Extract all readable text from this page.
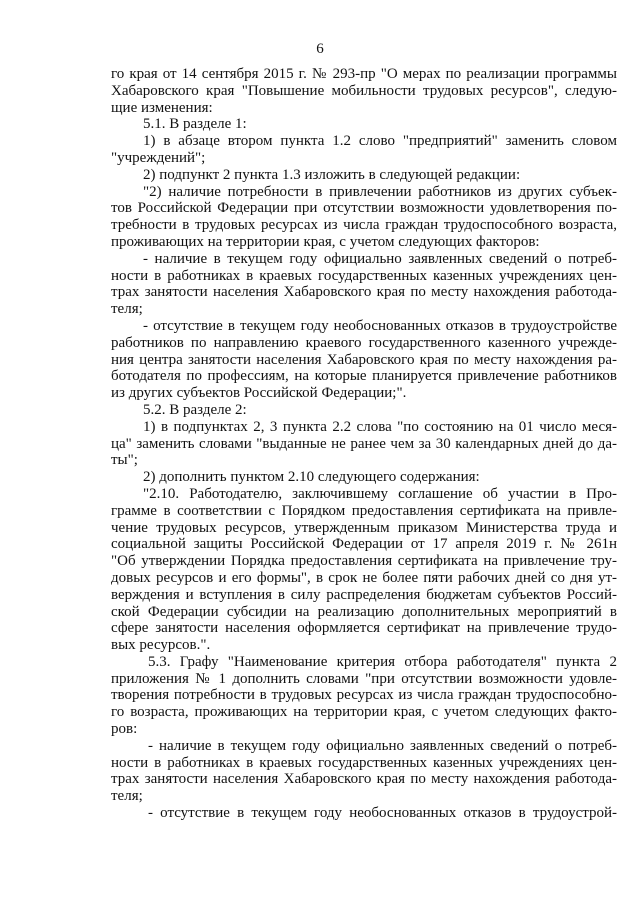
6

го края от 14 сентября 2015 г. № 293-пр "О мерах по реализации программы

Хабаровского края "Повышение мобильности трудовых ресурсов", следую-

щие изменения:

5.1. В разделе 1:

1) в абзаце втором пункта 1.2 слово "предприятий" заменить словом

"учреждений";

2) подпункт 2 пункта 1.3 изложить в следующей редакции:

"2) наличие потребности в привлечении работников из других субъек-

тов Российской Федерации при отсутствии возможности удовлетворения по-

требности в трудовых ресурсах из числа граждан трудоспособного возраста,

проживающих на территории края, с учетом следующих факторов:

- наличие в текущем году официально заявленных сведений о потреб-

ности в работниках в краевых государственных казенных учреждениях цен-

трах занятости населения Хабаровского края по месту нахождения работода-

теля;

- отсутствие в текущем году необоснованных отказов в трудоустройстве

работников по направлению краевого государственного казенного учрежде-

ния центра занятости населения Хабаровского края по месту нахождения ра-

ботодателя по профессиям, на которые планируется привлечение работников

из других субъектов Российской Федерации;".

5.2. В разделе 2:

1) в подпунктах 2, 3 пункта 2.2 слова "по состоянию на 01 число меся-

ца" заменить словами "выданные не ранее чем за 30 календарных дней до да-

ты";

2) дополнить пунктом 2.10 следующего содержания:

"2.10. Работодателю, заключившему соглашение об участии в Про-

грамме в соответствии с Порядком предоставления сертификата на привле-

чение трудовых ресурсов, утвержденным приказом Министерства труда и

социальной защиты Российской Федерации от 17 апреля 2019 г. № 261н

"Об утверждении Порядка предоставления сертификата на привлечение тру-

довых ресурсов и его формы", в срок не более пяти рабочих дней со дня ут-

верждения и вступления в силу распределения бюджетам субъектов Россий-

ской Федерации субсидии на реализацию дополнительных мероприятий в

сфере занятости населения оформляется сертификат на привлечение трудо-

вых ресурсов.".

5.3. Графу "Наименование критерия отбора работодателя" пункта 2

приложения № 1 дополнить словами "при отсутствии возможности удовле-

творения потребности в трудовых ресурсах из числа граждан трудоспособно-

го возраста, проживающих на территории края, с учетом следующих факто-

ров:

- наличие в текущем году официально заявленных сведений о потреб-

ности в работниках в краевых государственных казенных учреждениях цен-

трах занятости населения Хабаровского края по месту нахождения работода-

теля;

- отсутствие в текущем году необоснованных отказов в трудоустрой-
